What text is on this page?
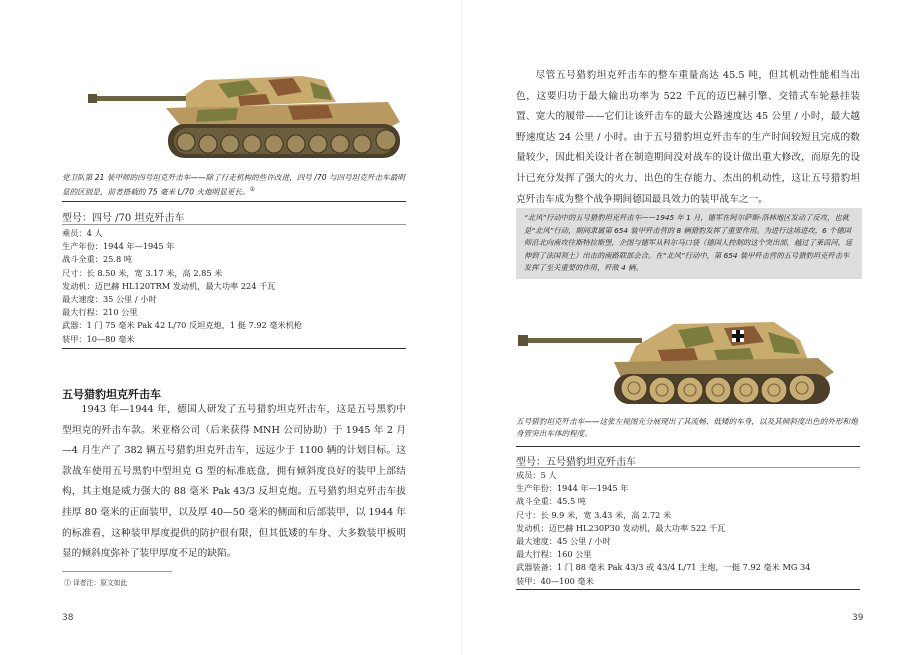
党卫队第 21 装甲师的四号坦克歼击车——除了行走机构的些许改进，四号 /70 与四号坦克歼击车最明显的区别是，前者搭载的 75 毫米 L/70 火炮明显更长。①
型号：四号 /70 坦克歼击车
乘员：4 人
生产年份：1944 年—1945 年
战斗全重：25.8 吨
尺寸：长 8.50 米，宽 3.17 米，高 2.85 米
发动机：迈巴赫 HL120TRM 发动机，最大功率 224 千瓦
最大速度：35 公里 / 小时
最大行程：210 公里
武器：1 门 75 毫米 Pak 42 L/70 反坦克炮，1 挺 7.92 毫米机枪
装甲：10—80 毫米
五号猎豹坦克歼击车
1943 年—1944 年，德国人研发了五号猎豹坦克歼击车，这是五号黑豹中型坦克的歼击车款。米亚格公司（后来获得 MNH 公司协助）于 1945 年 2 月—4 月生产了 382 辆五号猎豹坦克歼击车，远远少于 1100 辆的计划目标。这款战车使用五号黑豹中型坦克 G 型的标准底盘，拥有倾斜度良好的装甲上部结构，其主炮是威力强大的 88 毫米 Pak 43/3 反坦克炮。五号猎豹坦克歼击车拔挂厚 80 毫米的正面装甲，以及厚 40—50 毫米的侧面和后部装甲，以 1944 年的标准看，这种装甲厚度提供的防护很有限，但其低矮的车身、大多数装甲板明显的倾斜度弥补了装甲厚度不足的缺陷。
① 译者注：原文如此
38
尽管五号猎豹坦克歼击车的整车重量高达 45.5 吨，但其机动性能相当出色，这要归功于最大输出功率为 522 千瓦的迈巴赫引擎、交错式车轮悬挂装置、宽大的履带——它们让该歼击车的最大公路速度达 45 公里 / 小时，最大越野速度达 24 公里 / 小时。由于五号猎豹坦克歼击车的生产时间较短且完成的数量较少，因此相关设计者在制造期间没对战车的设计做出重大修改，而原先的设计已充分发挥了强大的火力、出色的生存能力、杰出的机动性，这让五号猎豹坦克歼击车成为整个战争期间德国最具效力的装甲战车之一。
“北风”行动中的五号猎豹坦克歼击车——1945 年 1 月，德军在阿尔萨斯-洛林地区发动了反攻，也就是“北风”行动，期间隶属第 654 装甲歼击营的 8 辆猎豹发挥了重要作用。为进行这场进攻，6 个德国师沿北向南攻往斯特拉斯堡，企图与德军从科尔马口袋（德国人控制的这个突出部，越过了莱茵河，延伸到了法国领土）出击的南路联部会合。在“北风”行动中，第 654 装甲歼击营的五号猎豹坦克歼击车发挥了至关重要的作用，歼敌 4 辆。
五号猎豹坦克歼击车——这张左视图充分展现出了其流畅、低矮的车身，以及其倾斜度出色的外形和炮身管突出车体的程度。
型号：五号猎豹坦克歼击车
成员：5 人
生产年份：1944 年—1945 年
战斗全重：45.5 吨
尺寸：长 9.9 米，宽 3.43 米，高 2.72 米
发动机：迈巴赫 HL230P30 发动机，最大功率 522 千瓦
最大速度：45 公里 / 小时
最大行程：160 公里
武器装备：1 门 88 毫米 Pak 43/3 或 43/4 L/71 主炮，一挺 7.92 毫米 MG 34
装甲：40—100 毫米
39
